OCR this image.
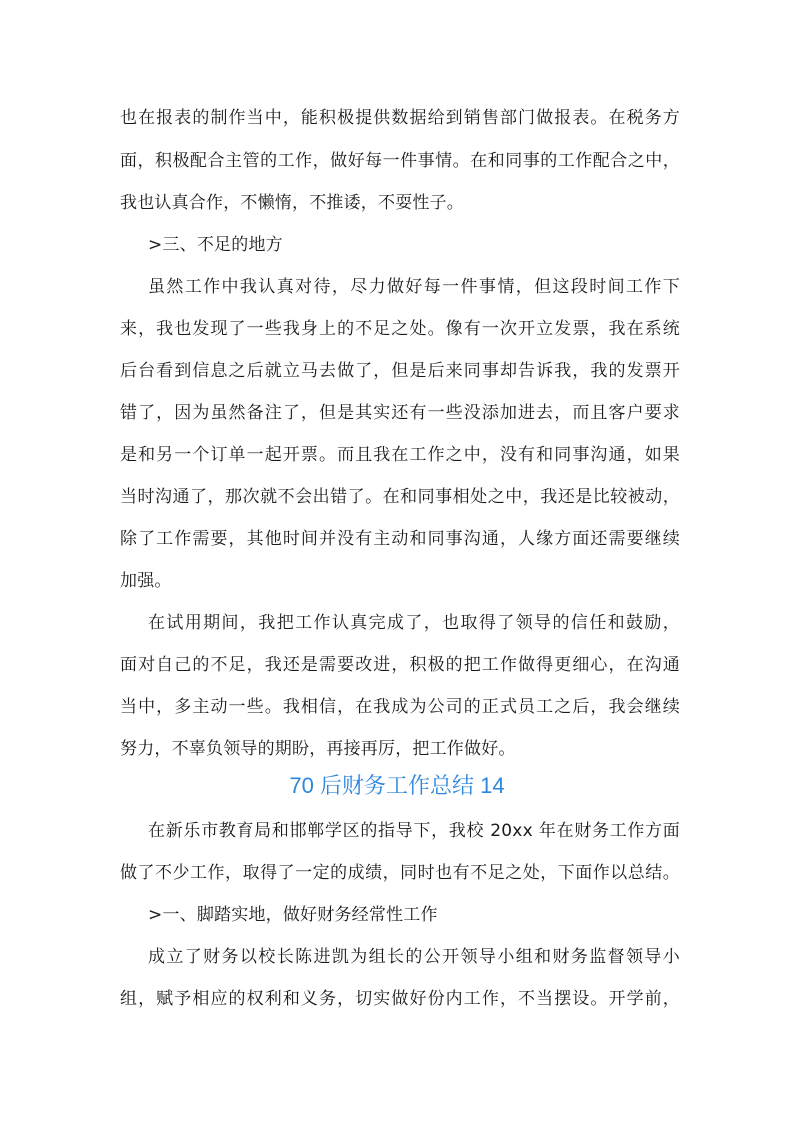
也在报表的制作当中，能积极提供数据给到销售部门做报表。在税务方
面，积极配合主管的工作，做好每一件事情。在和同事的工作配合之中，
我也认真合作，不懒惰，不推诿，不耍性子。
>三、不足的地方
虽然工作中我认真对待，尽力做好每一件事情，但这段时间工作下
来，我也发现了一些我身上的不足之处。像有一次开立发票，我在系统
后台看到信息之后就立马去做了，但是后来同事却告诉我，我的发票开
错了，因为虽然备注了，但是其实还有一些没添加进去，而且客户要求
是和另一个订单一起开票。而且我在工作之中，没有和同事沟通，如果
当时沟通了，那次就不会出错了。在和同事相处之中，我还是比较被动，
除了工作需要，其他时间并没有主动和同事沟通，人缘方面还需要继续
加强。
在试用期间，我把工作认真完成了，也取得了领导的信任和鼓励，
面对自己的不足，我还是需要改进，积极的把工作做得更细心，在沟通
当中，多主动一些。我相信，在我成为公司的正式员工之后，我会继续
努力，不辜负领导的期盼，再接再厉，把工作做好。
70 后财务工作总结 14
在新乐市教育局和邯郸学区的指导下，我校 20xx 年在财务工作方面
做了不少工作，取得了一定的成绩，同时也有不足之处，下面作以总结。
>一、脚踏实地，做好财务经常性工作
成立了财务以校长陈进凯为组长的公开领导小组和财务监督领导小
组，赋予相应的权利和义务，切实做好份内工作，不当摆设。开学前，
